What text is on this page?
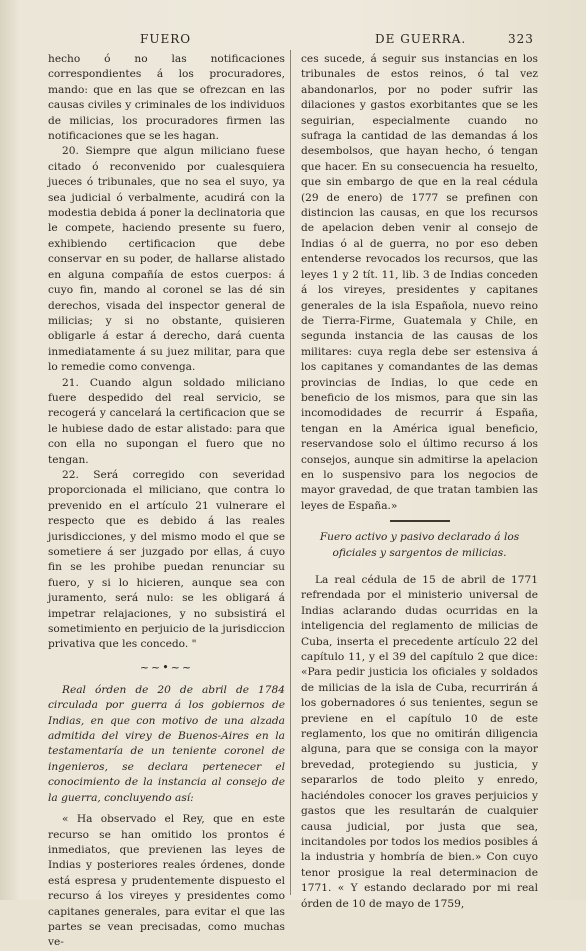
FUERO	DE GUERRA.	323

hecho ó no las notificaciones correspondientes á los procuradores, mando: que en las que se ofrezcan en las causas civiles y criminales de los individuos de milicias, los procuradores firmen las notificaciones que se les hagan.

20. Siempre que algun miliciano fuese citado ó reconvenido por cualesquiera jueces ó tribunales, que no sea el suyo, ya sea judicial ó verbalmente, acudirá con la modestia debida á poner la declinatoria que le compete, haciendo presente su fuero, exhibiendo certificacion que debe conservar en su poder, de hallarse alistado en alguna compañía de estos cuerpos: á cuyo fin, mando al coronel se las dé sin derechos, visada del inspector general de milicias; y si no obstante, quisieren obligarle á estar á derecho, dará cuenta inmediatamente á su juez militar, para que lo remedie como convenga.

21. Cuando algun soldado miliciano fuere despedido del real servicio, se recogerá y cancelará la certificacion que se le hubiese dado de estar alistado: para que con ella no supongan el fuero que no tengan.

22. Será corregido con severidad proporcionada el miliciano, que contra lo prevenido en el artículo 21 vulnerare el respecto que es debido á las reales jurisdicciones, y del mismo modo el que se sometiere á ser juzgado por ellas, á cuyo fin se les prohibe puedan renunciar su fuero, y si lo hicieren, aunque sea con juramento, será nulo: se les obligará á impetrar relajaciones, y no subsistirá el sometimiento en perjuicio de la jurisdiccion privativa que les concedo. "

~~•~~

Real órden de 20 de abril de 1784 circulada por guerra á los gobiernos de Indias, en que con motivo de una alzada admitida del virey de Buenos-Aires en la testamentaría de un teniente coronel de ingenieros, se declara pertenecer el conocimiento de la instancia al consejo de la guerra, concluyendo así:

« Ha observado el Rey, que en este recurso se han omitido los prontos é inmediatos, que previenen las leyes de Indias y posteriores reales órdenes, donde está espresa y prudentemente dispuesto el recurso á los vireyes y presidentes como capitanes generales, para evitar el que las partes se vean precisadas, como muchas ve-

ces sucede, á seguir sus instancias en los tribunales de estos reinos, ó tal vez abandonarlos, por no poder sufrir las dilaciones y gastos exorbitantes que se les seguirian, especialmente cuando no sufraga la cantidad de las demandas á los desembolsos, que hayan hecho, ó tengan que hacer. En su consecuencia ha resuelto, que sin embargo de que en la real cédula (29 de enero) de 1777 se prefinen con distincion las causas, en que los recursos de apelacion deben venir al consejo de Indias ó al de guerra, no por eso deben entenderse revocados los recursos, que las leyes 1 y 2 tít. 11, lib. 3 de Indias conceden á los vireyes, presidentes y capitanes generales de la isla Española, nuevo reino de Tierra-Firme, Guatemala y Chile, en segunda instancia de las causas de los militares: cuya regla debe ser estensiva á los capitanes y comandantes de las demas provincias de Indias, lo que cede en beneficio de los mismos, para que sin las incomodidades de recurrir á España, tengan en la América igual beneficio, reservandose solo el último recurso á los consejos, aunque sin admitirse la apelacion en lo suspensivo para los negocios de mayor gravedad, de que tratan tambien las leyes de España.»

Fuero activo y pasivo declarado á los oficiales y sargentos de milicias.

La real cédula de 15 de abril de 1771 refrendada por el ministerio universal de Indias aclarando dudas ocurridas en la inteligencia del reglamento de milicias de Cuba, inserta el precedente artículo 22 del capítulo 11, y el 39 del capítulo 2 que dice: «Para pedir justicia los oficiales y soldados de milicias de la isla de Cuba, recurrirán á los gobernadores ó sus tenientes, segun se previene en el capítulo 10 de este reglamento, los que no omitirán diligencia alguna, para que se consiga con la mayor brevedad, protegiendo su justicia, y separarlos de todo pleito y enredo, haciéndoles conocer los graves perjuicios y gastos que les resultarán de cualquier causa judicial, por justa que sea, incitandoles por todos los medios posibles á la industria y hombría de bien.» Con cuyo tenor prosigue la real determinacion de 1771. « Y estando declarado por mi real órden de 10 de mayo de 1759,
